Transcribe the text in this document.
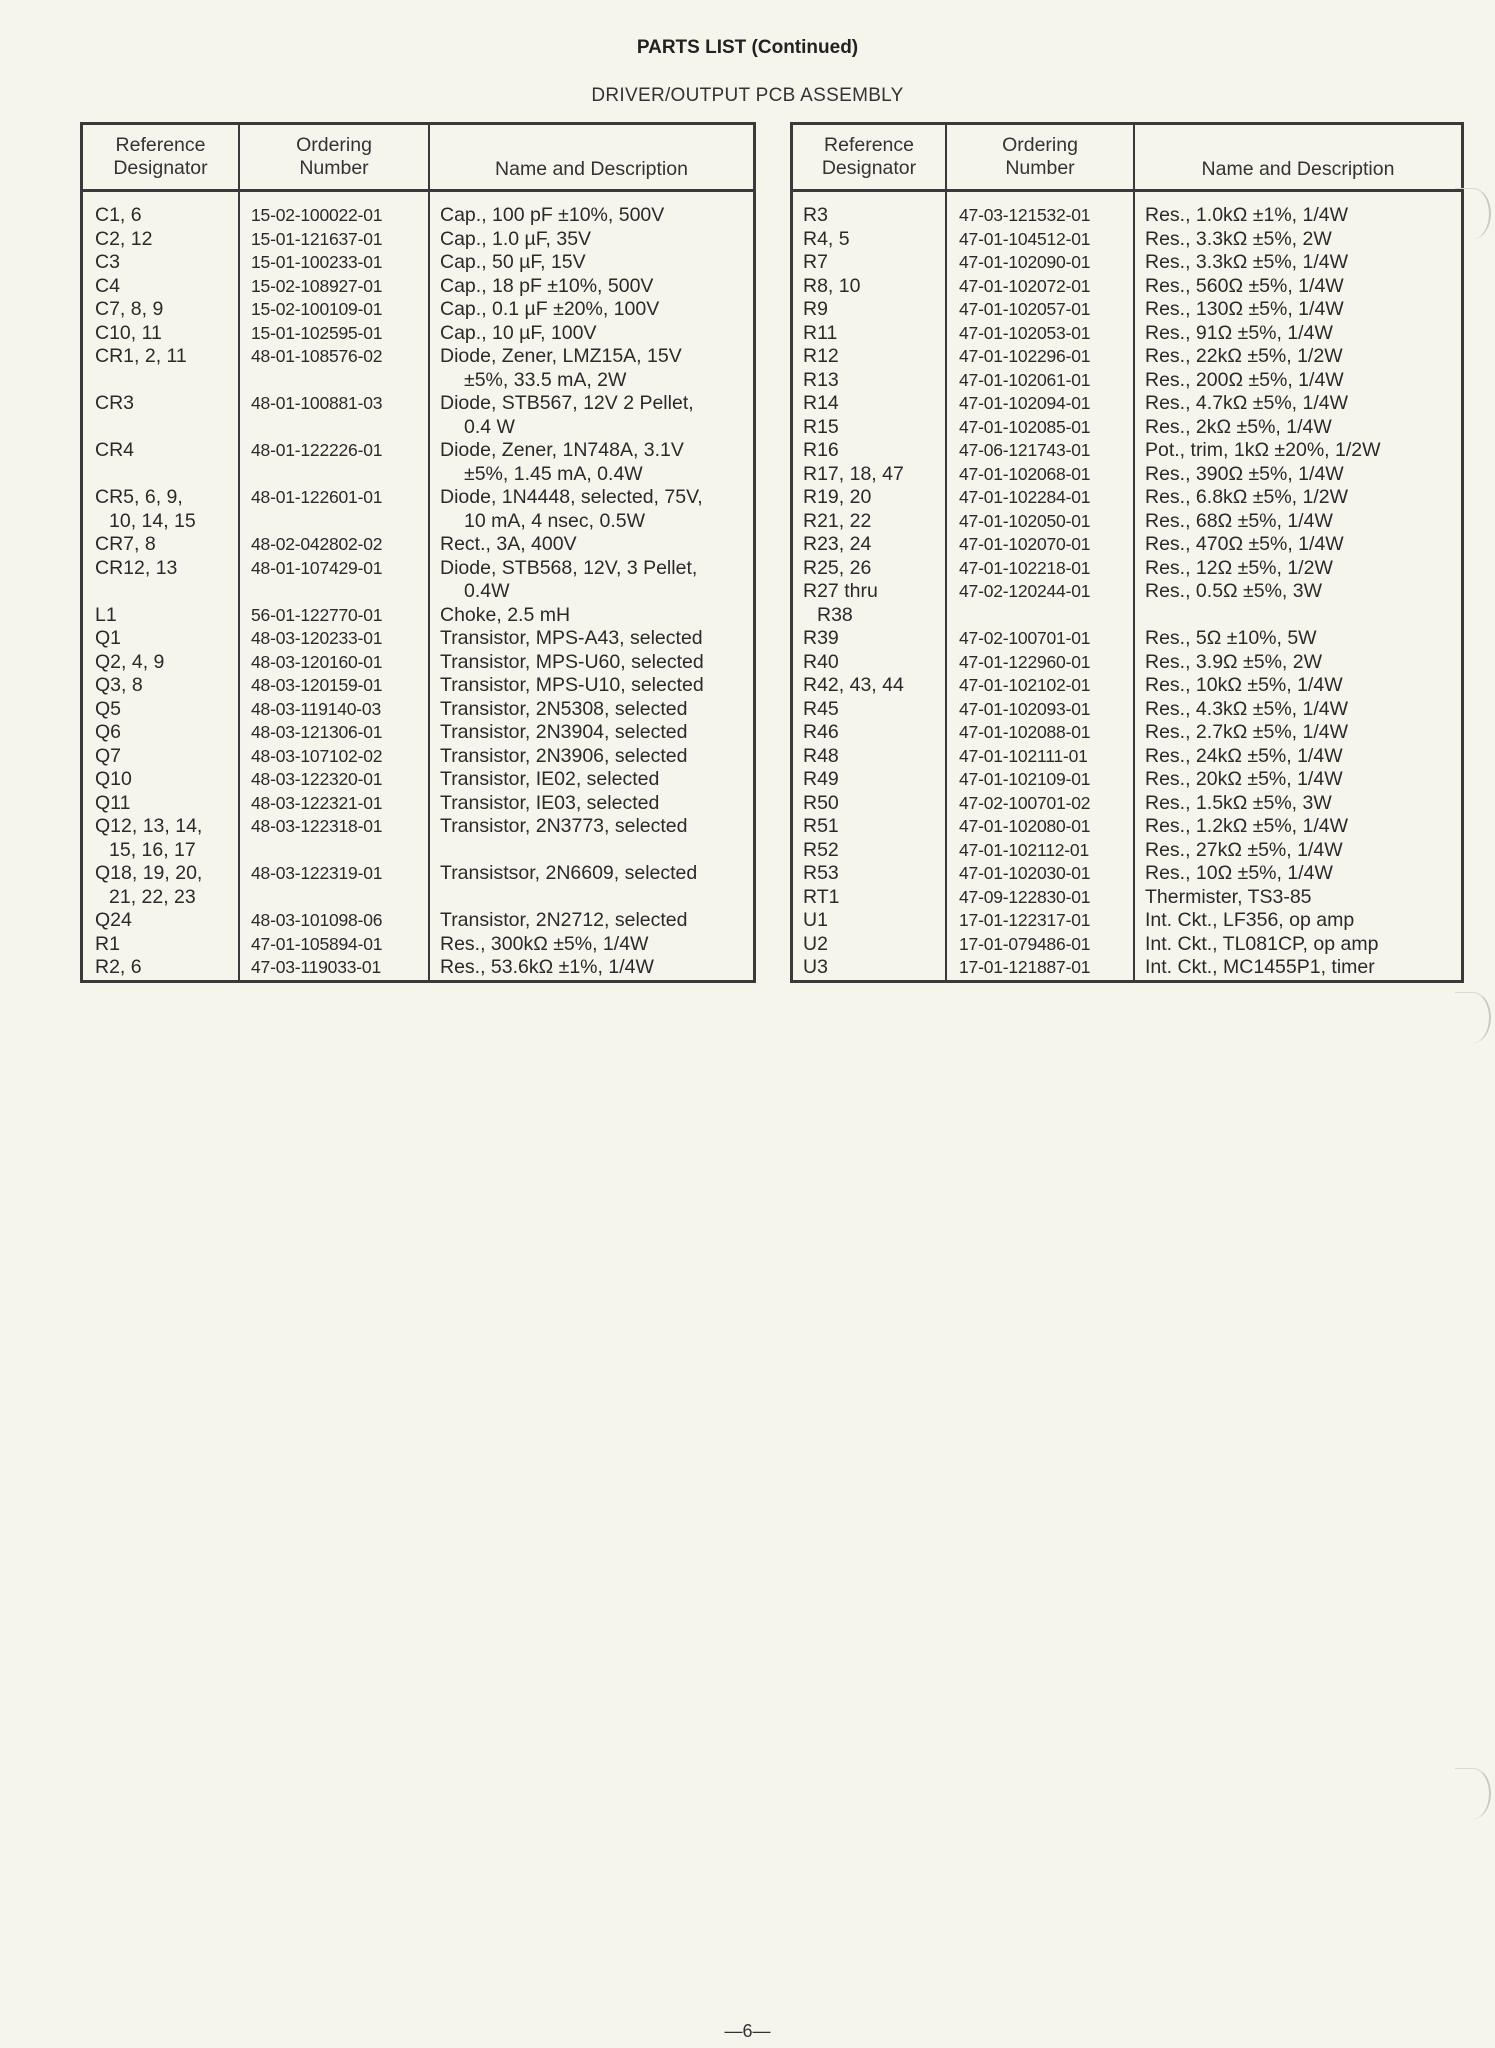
PARTS LIST (Continued)
DRIVER/OUTPUT PCB ASSEMBLY
Reference
Designator
Ordering
Number	Name and Description
C1, 6
C2, 12
C3
C4
C7, 8, 9
C10, 11
CR1, 2, 11
CR3
CR4
CR5, 6, 9,
10, 14, 15
CR7, 8
CR12, 13
L1
Q1
Q2, 4, 9
Q3, 8
Q5
Q6
Q7
Q10
Q11
Q12, 13, 14,
15, 16, 17
Q18, 19, 20,
21, 22, 23
Q24
R1
R2, 6
15-02-100022-01
15-01-121637-01
15-01-100233-01
15-02-108927-01
15-02-100109-01
15-01-102595-01
48-01-108576-02
48-01-100881-03
48-01-122226-01
48-01-122601-01
48-02-042802-02
48-01-107429-01
56-01-122770-01
48-03-120233-01
48-03-120160-01
48-03-120159-01
48-03-119140-03
48-03-121306-01
48-03-107102-02
48-03-122320-01
48-03-122321-01
48-03-122318-01
48-03-122319-01
48-03-101098-06
47-01-105894-01
47-03-119033-01
Cap., 100 pF ±10%, 500V
Cap., 1.0 µF, 35V
Cap., 50 µF, 15V
Cap., 18 pF ±10%, 500V
Cap., 0.1 µF ±20%, 100V
Cap., 10 µF, 100V
Diode, Zener, LMZ15A, 15V
±5%, 33.5 mA, 2W
Diode, STB567, 12V 2 Pellet,
0.4 W
Diode, Zener, 1N748A, 3.1V
±5%, 1.45 mA, 0.4W
Diode, 1N4448, selected, 75V,
10 mA, 4 nsec, 0.5W
Rect., 3A, 400V
Diode, STB568, 12V, 3 Pellet,
0.4W
Choke, 2.5 mH
Transistor, MPS-A43, selected
Transistor, MPS-U60, selected
Transistor, MPS-U10, selected
Transistor, 2N5308, selected
Transistor, 2N3904, selected
Transistor, 2N3906, selected
Transistor, IE02, selected
Transistor, IE03, selected
Transistor, 2N3773, selected
Transistsor, 2N6609, selected
Transistor, 2N2712, selected
Res., 300kΩ ±5%, 1/4W
Res., 53.6kΩ ±1%, 1/4W
Reference
Designator
Ordering
Number	Name and Description
R3
R4, 5
R7
R8, 10
R9
R11
R12
R13
R14
R15
R16
R17, 18, 47
R19, 20
R21, 22
R23, 24
R25, 26
R27 thru
R38
R39
R40
R42, 43, 44
R45
R46
R48
R49
R50
R51
R52
R53
RT1
U1
U2
U3
47-03-121532-01
47-01-104512-01
47-01-102090-01
47-01-102072-01
47-01-102057-01
47-01-102053-01
47-01-102296-01
47-01-102061-01
47-01-102094-01
47-01-102085-01
47-06-121743-01
47-01-102068-01
47-01-102284-01
47-01-102050-01
47-01-102070-01
47-01-102218-01
47-02-120244-01
47-02-100701-01
47-01-122960-01
47-01-102102-01
47-01-102093-01
47-01-102088-01
47-01-102111-01
47-01-102109-01
47-02-100701-02
47-01-102080-01
47-01-102112-01
47-01-102030-01
47-09-122830-01
17-01-122317-01
17-01-079486-01
17-01-121887-01
Res., 1.0kΩ ±1%, 1/4W
Res., 3.3kΩ ±5%, 2W
Res., 3.3kΩ ±5%, 1/4W
Res., 560Ω ±5%, 1/4W
Res., 130Ω ±5%, 1/4W
Res., 91Ω ±5%, 1/4W
Res., 22kΩ ±5%, 1/2W
Res., 200Ω ±5%, 1/4W
Res., 4.7kΩ ±5%, 1/4W
Res., 2kΩ ±5%, 1/4W
Pot., trim, 1kΩ ±20%, 1/2W
Res., 390Ω ±5%, 1/4W
Res., 6.8kΩ ±5%, 1/2W
Res., 68Ω ±5%, 1/4W
Res., 470Ω ±5%, 1/4W
Res., 12Ω ±5%, 1/2W
Res., 0.5Ω ±5%, 3W
Res., 5Ω ±10%, 5W
Res., 3.9Ω ±5%, 2W
Res., 10kΩ ±5%, 1/4W
Res., 4.3kΩ ±5%, 1/4W
Res., 2.7kΩ ±5%, 1/4W
Res., 24kΩ ±5%, 1/4W
Res., 20kΩ ±5%, 1/4W
Res., 1.5kΩ ±5%, 3W
Res., 1.2kΩ ±5%, 1/4W
Res., 27kΩ ±5%, 1/4W
Res., 10Ω ±5%, 1/4W
Thermister, TS3-85
Int. Ckt., LF356, op amp
Int. Ckt., TL081CP, op amp
Int. Ckt., MC1455P1, timer
—6—
